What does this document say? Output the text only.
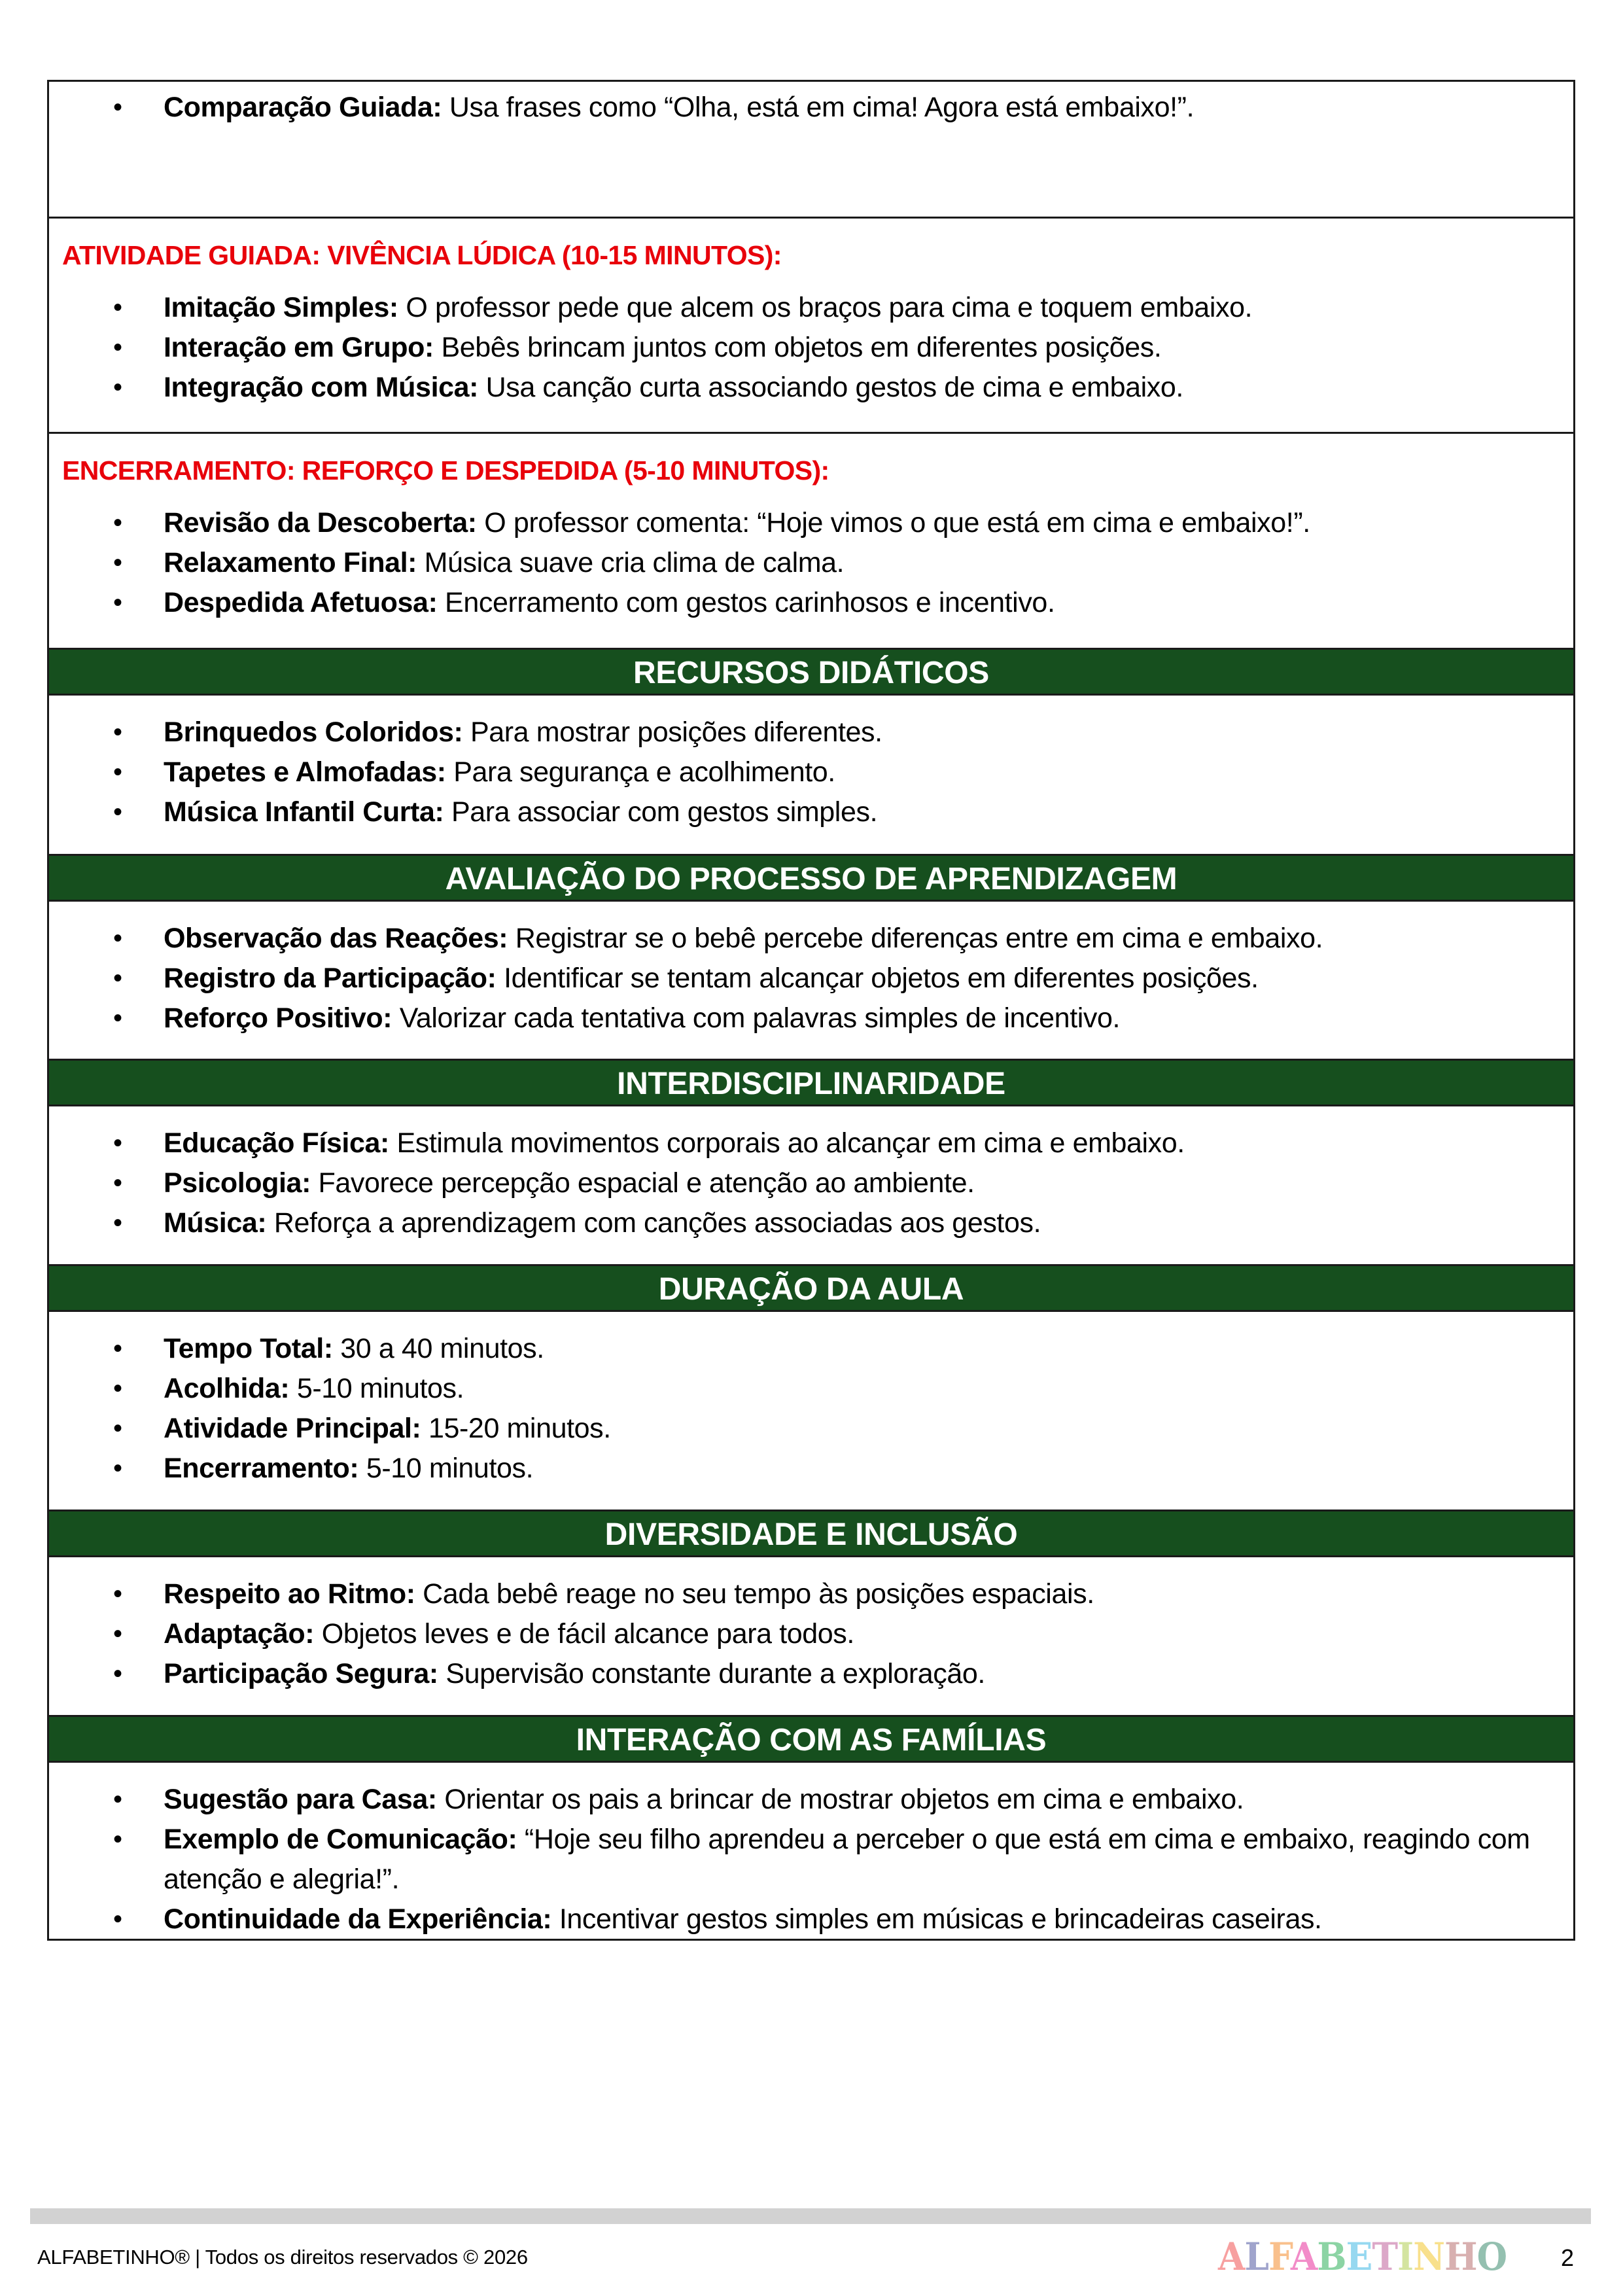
• Comparação Guiada: Usa frases como “Olha, está em cima! Agora está embaixo!”.
ATIVIDADE GUIADA: VIVÊNCIA LÚDICA (10-15 MINUTOS):
• Imitação Simples: O professor pede que alcem os braços para cima e toquem embaixo.
• Interação em Grupo: Bebês brincam juntos com objetos em diferentes posições.
• Integração com Música: Usa canção curta associando gestos de cima e embaixo.
ENCERRAMENTO: REFORÇO E DESPEDIDA (5-10 MINUTOS):
• Revisão da Descoberta: O professor comenta: “Hoje vimos o que está em cima e embaixo!”.
• Relaxamento Final: Música suave cria clima de calma.
• Despedida Afetuosa: Encerramento com gestos carinhosos e incentivo.
RECURSOS DIDÁTICOS
• Brinquedos Coloridos: Para mostrar posições diferentes.
• Tapetes e Almofadas: Para segurança e acolhimento.
• Música Infantil Curta: Para associar com gestos simples.
AVALIAÇÃO DO PROCESSO DE APRENDIZAGEM
• Observação das Reações: Registrar se o bebê percebe diferenças entre em cima e embaixo.
• Registro da Participação: Identificar se tentam alcançar objetos em diferentes posições.
• Reforço Positivo: Valorizar cada tentativa com palavras simples de incentivo.
INTERDISCIPLINARIDADE
• Educação Física: Estimula movimentos corporais ao alcançar em cima e embaixo.
• Psicologia: Favorece percepção espacial e atenção ao ambiente.
• Música: Reforça a aprendizagem com canções associadas aos gestos.
DURAÇÃO DA AULA
• Tempo Total: 30 a 40 minutos.
• Acolhida: 5-10 minutos.
• Atividade Principal: 15-20 minutos.
• Encerramento: 5-10 minutos.
DIVERSIDADE E INCLUSÃO
• Respeito ao Ritmo: Cada bebê reage no seu tempo às posições espaciais.
• Adaptação: Objetos leves e de fácil alcance para todos.
• Participação Segura: Supervisão constante durante a exploração.
INTERAÇÃO COM AS FAMÍLIAS
• Sugestão para Casa: Orientar os pais a brincar de mostrar objetos em cima e embaixo.
• Exemplo de Comunicação: “Hoje seu filho aprendeu a perceber o que está em cima e embaixo, reagindo com atenção e alegria!”.
• Continuidade da Experiência: Incentivar gestos simples em músicas e brincadeiras caseiras.
ALFABETINHO® | Todos os direitos reservados © 2026	ALFABETINHO 2
